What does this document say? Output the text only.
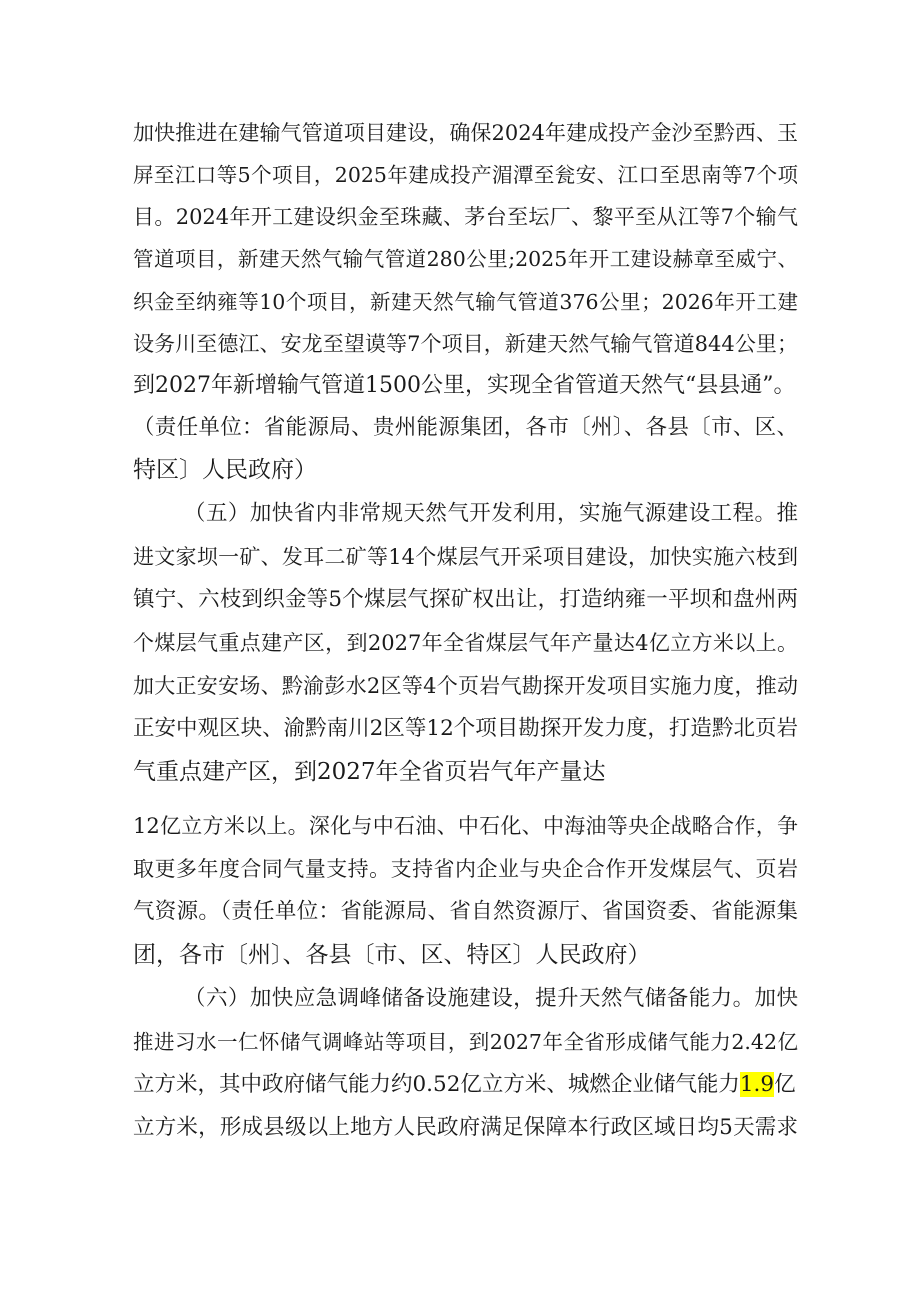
加快推进在建输气管道项目建设，确保2024年建成投产金沙至黔西、玉
屏至江口等5个项目，2025年建成投产湄潭至瓮安、江口至思南等7个项
目。2024年开工建设织金至珠藏、茅台至坛厂、黎平至从江等7个输气
管道项目，新建天然气输气管道280公里;2025年开工建设赫章至威宁、
织金至纳雍等10个项目，新建天然气输气管道376公里；2026年开工建
设务川至德江、安龙至望谟等7个项目，新建天然气输气管道844公里；
到2027年新增输气管道1500公里，实现全省管道天然气“县县通”。
（责任单位：省能源局、贵州能源集团，各市〔州〕、各县〔市、区、
特区〕人民政府）
（五）加快省内非常规天然气开发利用，实施气源建设工程。推
进文家坝一矿、发耳二矿等14个煤层气开采项目建设，加快实施六枝到
镇宁、六枝到织金等5个煤层气探矿权出让，打造纳雍一平坝和盘州两
个煤层气重点建产区，到2027年全省煤层气年产量达4亿立方米以上。
加大正安安场、黔渝彭水2区等4个页岩气勘探开发项目实施力度，推动
正安中观区块、渝黔南川2区等12个项目勘探开发力度，打造黔北页岩
气重点建产区，到2027年全省页岩气年产量达
12亿立方米以上。深化与中石油、中石化、中海油等央企战略合作，争
取更多年度合同气量支持。支持省内企业与央企合作开发煤层气、页岩
气资源。（责任单位：省能源局、省自然资源厅、省国资委、省能源集
团，各市〔州〕、各县〔市、区、特区〕人民政府）
（六）加快应急调峰储备设施建设，提升天然气储备能力。加快
推进习水一仁怀储气调峰站等项目，到2027年全省形成储气能力2.42亿
立方米，其中政府储气能力约0.52亿立方米、城燃企业储气能力1.9亿
立方米，形成县级以上地方人民政府满足保障本行政区域日均5天需求
